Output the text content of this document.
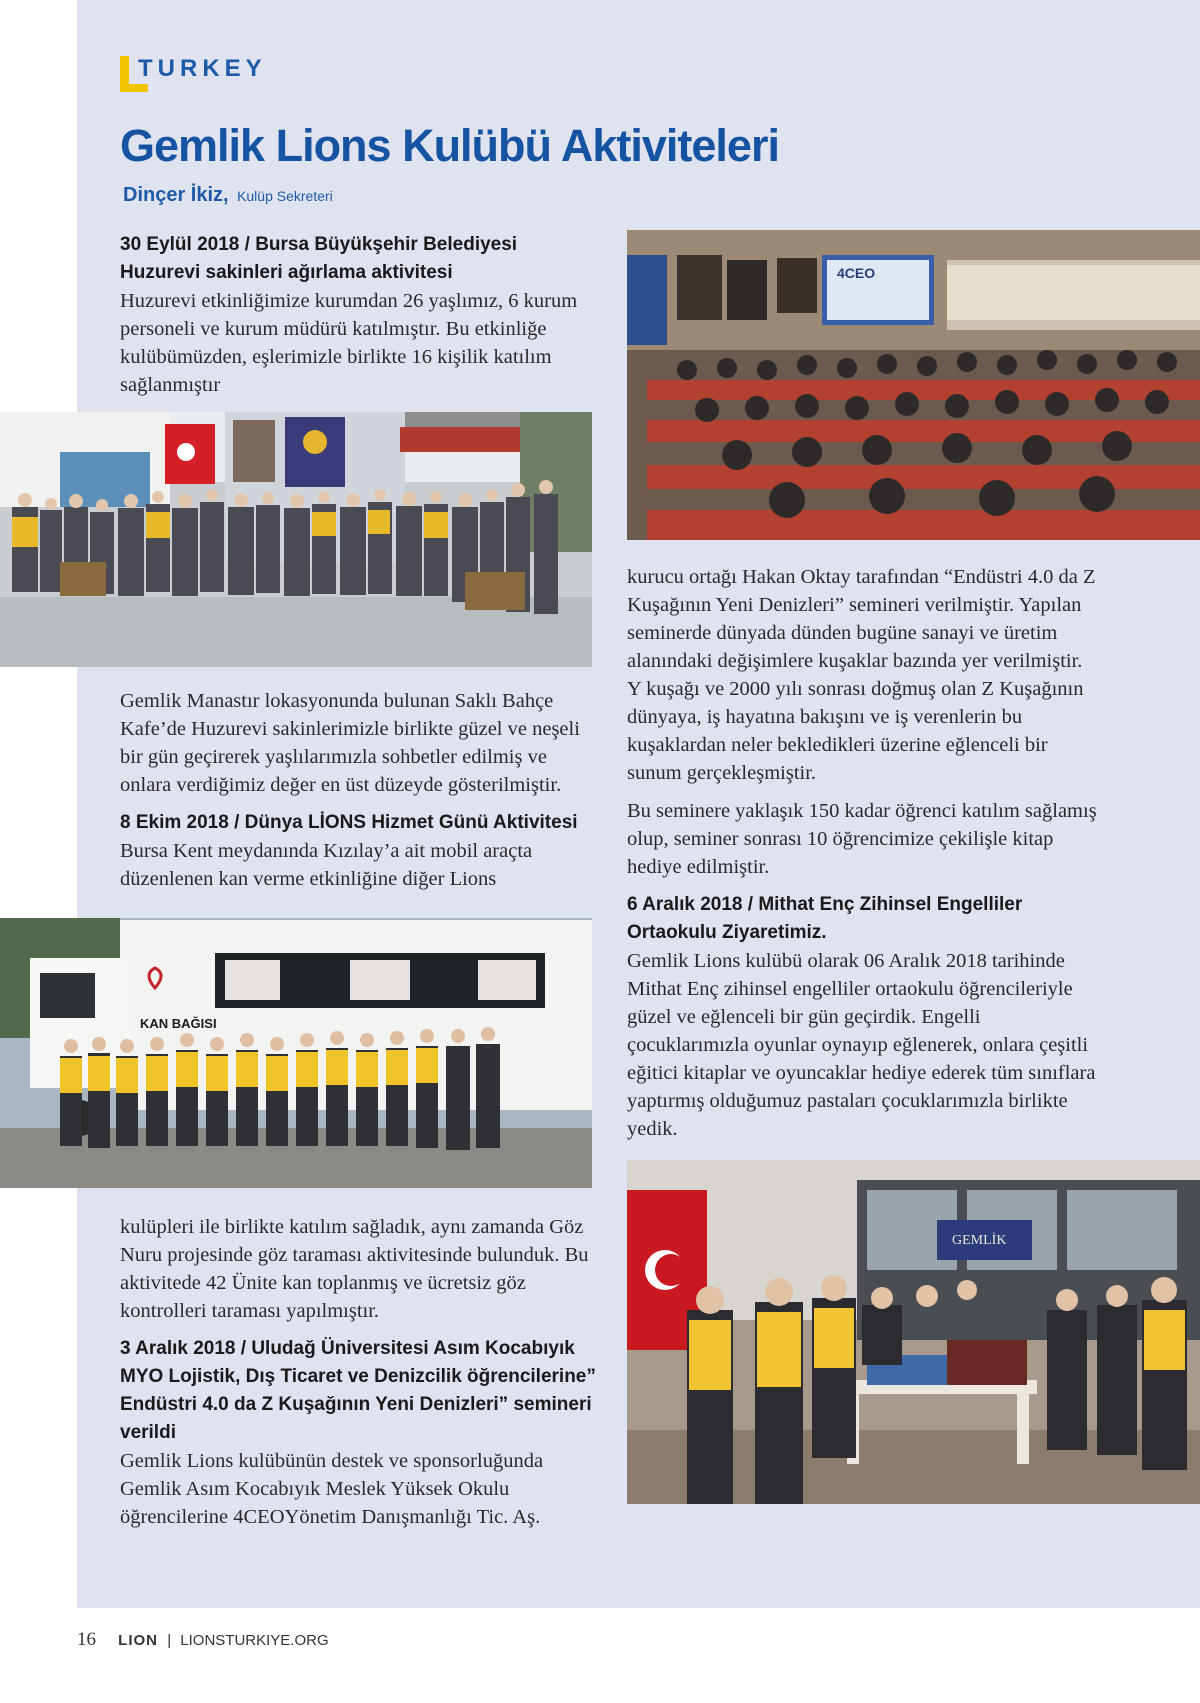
TURKEY
Gemlik Lions Kulübü Aktiviteleri
Dinçer İkiz, Kulüp Sekreteri
30 Eylül 2018 / Bursa Büyükşehir Belediyesi Huzurevi sakinleri ağırlama aktivitesi

Huzurevi etkinliğimize kurumdan 26 yaşlımız, 6 kurum personeli ve kurum müdürü katılmıştır. Bu etkinliğe kulübümüzden, eşlerimizle birlikte 16 kişilik katılım sağlanmıştır

Gemlik Manastır lokasyonunda bulunan Saklı Bahçe Kafe’de Huzurevi sakinlerimizle birlikte güzel ve neşeli bir gün geçirerek yaşlılarımızla sohbetler edilmiş ve onlara verdiğimiz değer en üst düzeyde gösterilmiştir.

8 Ekim 2018 / Dünya LİONS Hizmet Günü Aktivitesi

Bursa Kent meydanında Kızılay’a ait mobil araçta düzenlenen kan verme etkinliğine diğer Lions

KAN BAĞISI

kulüpleri ile birlikte katılım sağladık, aynı zamanda Göz Nuru projesinde göz taraması aktivitesinde bulunduk. Bu aktivitede 42 Ünite kan toplanmış ve ücretsiz göz kontrolleri taraması yapılmıştır.

3 Aralık 2018 / Uludağ Üniversitesi Asım Kocabıyık MYO Lojistik, Dış Ticaret ve Denizcilik öğrencilerine” Endüstri 4.0 da Z Kuşağının Yeni Denizleri” semineri verildi

Gemlik Lions kulübünün destek ve sponsorluğunda Gemlik Asım Kocabıyık Meslek Yüksek Okulu öğrencilerine 4CEOYönetim Danışmanlığı Tic. Aş.

4CEO

kurucu ortağı Hakan Oktay tarafından “Endüstri 4.0 da Z Kuşağının Yeni Denizleri” semineri verilmiştir. Yapılan seminerde dünyada dünden bugüne sanayi ve üretim alanındaki değişimlere kuşaklar bazında yer verilmiştir. Y kuşağı ve 2000 yılı sonrası doğmuş olan Z Kuşağının dünyaya, iş hayatına bakışını ve iş verenlerin bu kuşaklardan neler bekledikleri üzerine eğlenceli bir sunum gerçekleşmiştir.

Bu seminere yaklaşık 150 kadar öğrenci katılım sağlamış olup, seminer sonrası 10 öğrencimize çekilişle kitap hediye edilmiştir.

6 Aralık 2018 / Mithat Enç Zihinsel Engelliler Ortaokulu Ziyaretimiz.

Gemlik Lions kulübü olarak 06 Aralık 2018 tarihinde Mithat Enç zihinsel engelliler ortaokulu öğrencileriyle güzel ve eğlenceli bir gün geçirdik. Engelli çocuklarımızla oyunlar oynayıp eğlenerek, onlara çeşitli eğitici kitaplar ve oyuncaklar hediye ederek tüm sınıflara yaptırmış olduğumuz pastaları çocuklarımızla birlikte yedik.

GEMLİK
16 LION | LIONSTURKIYE.ORG
